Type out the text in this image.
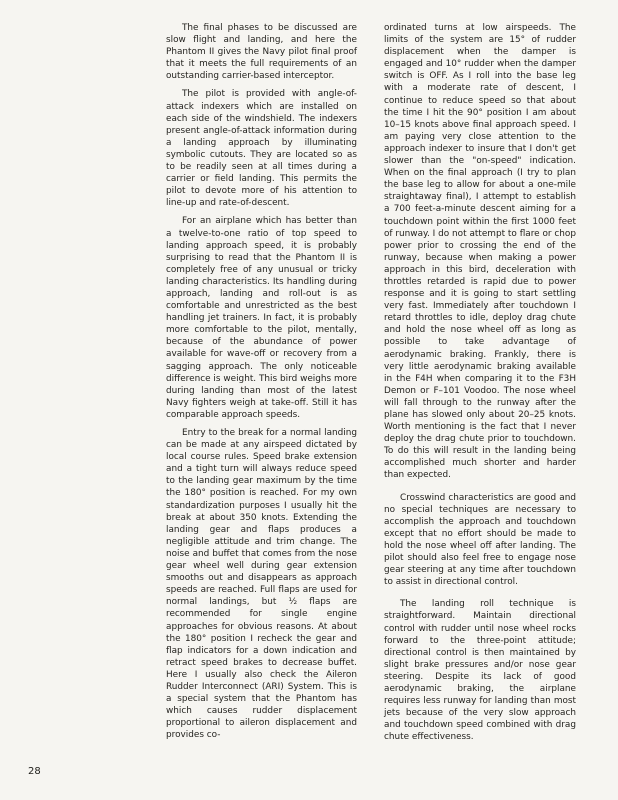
The final phases to be discussed are slow flight and landing, and here the Phantom II gives the Navy pilot final proof that it meets the full requirements of an outstanding carrier-based interceptor.

The pilot is provided with angle-of-attack indexers which are installed on each side of the windshield. The indexers present angle-of-attack information during a landing approach by illuminating symbolic cutouts. They are located so as to be readily seen at all times during a carrier or field landing. This permits the pilot to devote more of his attention to line-up and rate-of-descent.

For an airplane which has better than a twelve-to-one ratio of top speed to landing approach speed, it is probably surprising to read that the Phantom II is completely free of any unusual or tricky landing characteristics. Its handling during approach, landing and roll-out is as comfortable and unrestricted as the best handling jet trainers. In fact, it is probably more comfortable to the pilot, mentally, because of the abundance of power available for wave-off or recovery from a sagging approach. The only noticeable difference is weight. This bird weighs more during landing than most of the latest Navy fighters weigh at take-off. Still it has comparable approach speeds.

Entry to the break for a normal landing can be made at any airspeed dictated by local course rules. Speed brake extension and a tight turn will always reduce speed to the landing gear maximum by the time the 180° position is reached. For my own standardization purposes I usually hit the break at about 350 knots. Extending the landing gear and flaps produces a negligible attitude and trim change. The noise and buffet that comes from the nose gear wheel well during gear extension smooths out and disappears as approach speeds are reached. Full flaps are used for normal landings, but ½ flaps are recommended for single engine approaches for obvious reasons. At about the 180° position I recheck the gear and flap indicators for a down indication and retract speed brakes to decrease buffet. Here I usually also check the Aileron Rudder Interconnect (ARI) System. This is a special system that the Phantom has which causes rudder displacement proportional to aileron displacement and provides co-

ordinated turns at low airspeeds. The limits of the system are 15° of rudder displacement when the damper is engaged and 10° rudder when the damper switch is OFF. As I roll into the base leg with a moderate rate of descent, I continue to reduce speed so that about the time I hit the 90° position I am about 10–15 knots above final approach speed. I am paying very close attention to the approach indexer to insure that I don't get slower than the "on-speed" indication. When on the final approach (I try to plan the base leg to allow for about a one-mile straightaway final), I attempt to establish a 700 feet-a-minute descent aiming for a touchdown point within the first 1000 feet of runway. I do not attempt to flare or chop power prior to crossing the end of the runway, because when making a power approach in this bird, deceleration with throttles retarded is rapid due to power response and it is going to start settling very fast. Immediately after touchdown I retard throttles to idle, deploy drag chute and hold the nose wheel off as long as possible to take advantage of aerodynamic braking. Frankly, there is very little aerodynamic braking available in the F4H when comparing it to the F3H Demon or F–101 Voodoo. The nose wheel will fall through to the runway after the plane has slowed only about 20–25 knots. Worth mentioning is the fact that I never deploy the drag chute prior to touchdown. To do this will result in the landing being accomplished much shorter and harder than expected.

Crosswind characteristics are good and no special techniques are necessary to accomplish the approach and touchdown except that no effort should be made to hold the nose wheel off after landing. The pilot should also feel free to engage nose gear steering at any time after touchdown to assist in directional control.

The landing roll technique is straightforward. Maintain directional control with rudder until nose wheel rocks forward to the three-point attitude; directional control is then maintained by slight brake pressures and/or nose gear steering. Despite its lack of good aerodynamic braking, the airplane requires less runway for landing than most jets because of the very slow approach and touchdown speed combined with drag chute effectiveness.

28
